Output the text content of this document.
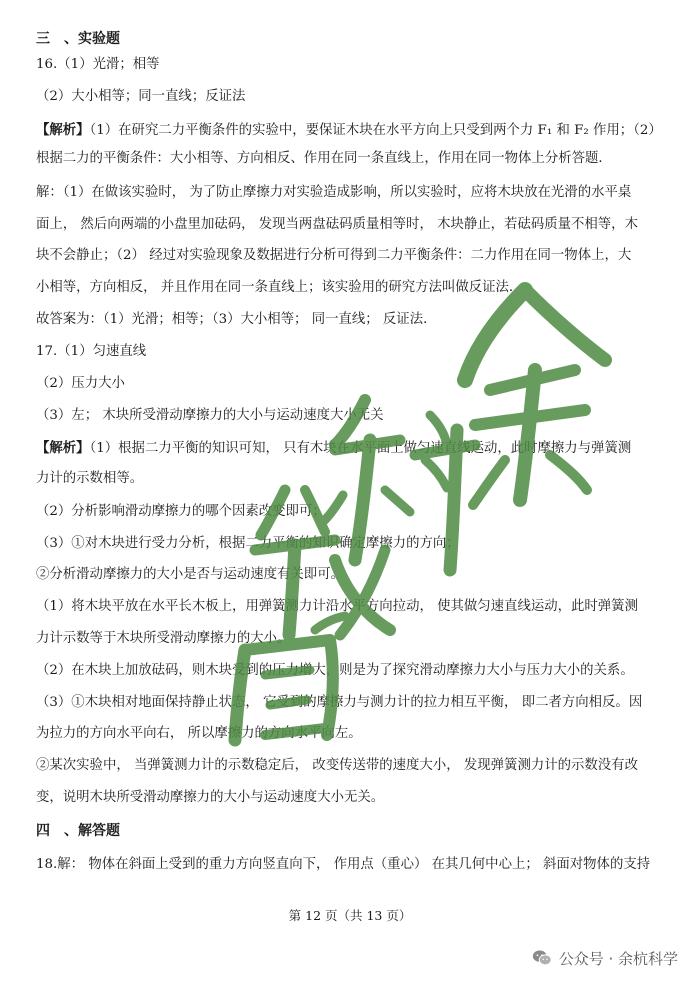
三　、实验题
16.（1）光滑；相等
（2）大小相等；同一直线；反证法
【解析】（1）在研究二力平衡条件的实验中，要保证木块在水平方向上只受到两个力 F₁ 和 F₂ 作用；（2）
根据二力的平衡条件：大小相等、方向相反、作用在同一条直线上，作用在同一物体上分析答题．
解：（1）在做该实验时， 为了防止摩擦力对实验造成影响，所以实验时，应将木块放在光滑的水平桌
面上， 然后向两端的小盘里加砝码， 发现当两盘砝码质量相等时， 木块静止，若砝码质量不相等，木
块不会静止；（2） 经过对实验现象及数据进行分析可得到二力平衡条件：二力作用在同一物体上，大
小相等，方向相反， 并且作用在同一条直线上；该实验用的研究方法叫做反证法．
故答案为：（1）光滑；相等；（3）大小相等； 同一直线； 反证法．
17.（1）匀速直线
（2）压力大小
（3）左； 木块所受滑动摩擦力的大小与运动速度大小无关
【解析】（1）根据二力平衡的知识可知， 只有木块在水平面上做匀速直线运动，此时摩擦力与弹簧测
力计的示数相等。
（2）分析影响滑动摩擦力的哪个因素改变即可；
（3）①对木块进行受力分析，根据二力平衡的知识确定摩擦力的方向；
②分析滑动摩擦力的大小是否与运动速度有关即可。
（1）将木块平放在水平长木板上，用弹簧测力计沿水平方向拉动， 使其做匀速直线运动，此时弹簧测
力计示数等于木块所受滑动摩擦力的大小。
（2）在木块上加放砝码，则木块受到的压力增大，则是为了探究滑动摩擦力大小与压力大小的关系。
（3）①木块相对地面保持静止状态， 它受到的摩擦力与测力计的拉力相互平衡， 即二者方向相反。因
为拉力的方向水平向右， 所以摩擦力的方向水平向左。
②某次实验中， 当弹簧测力计的示数稳定后， 改变传送带的速度大小， 发现弹簧测力计的示数没有改
变，说明木块所受滑动摩擦力的大小与运动速度大小无关。
四　、解答题
18.解： 物体在斜面上受到的重力方向竖直向下， 作用点（重心） 在其几何中心上； 斜面对物体的支持
第 12 页（共 13 页）
公众号 · 余杭科学
